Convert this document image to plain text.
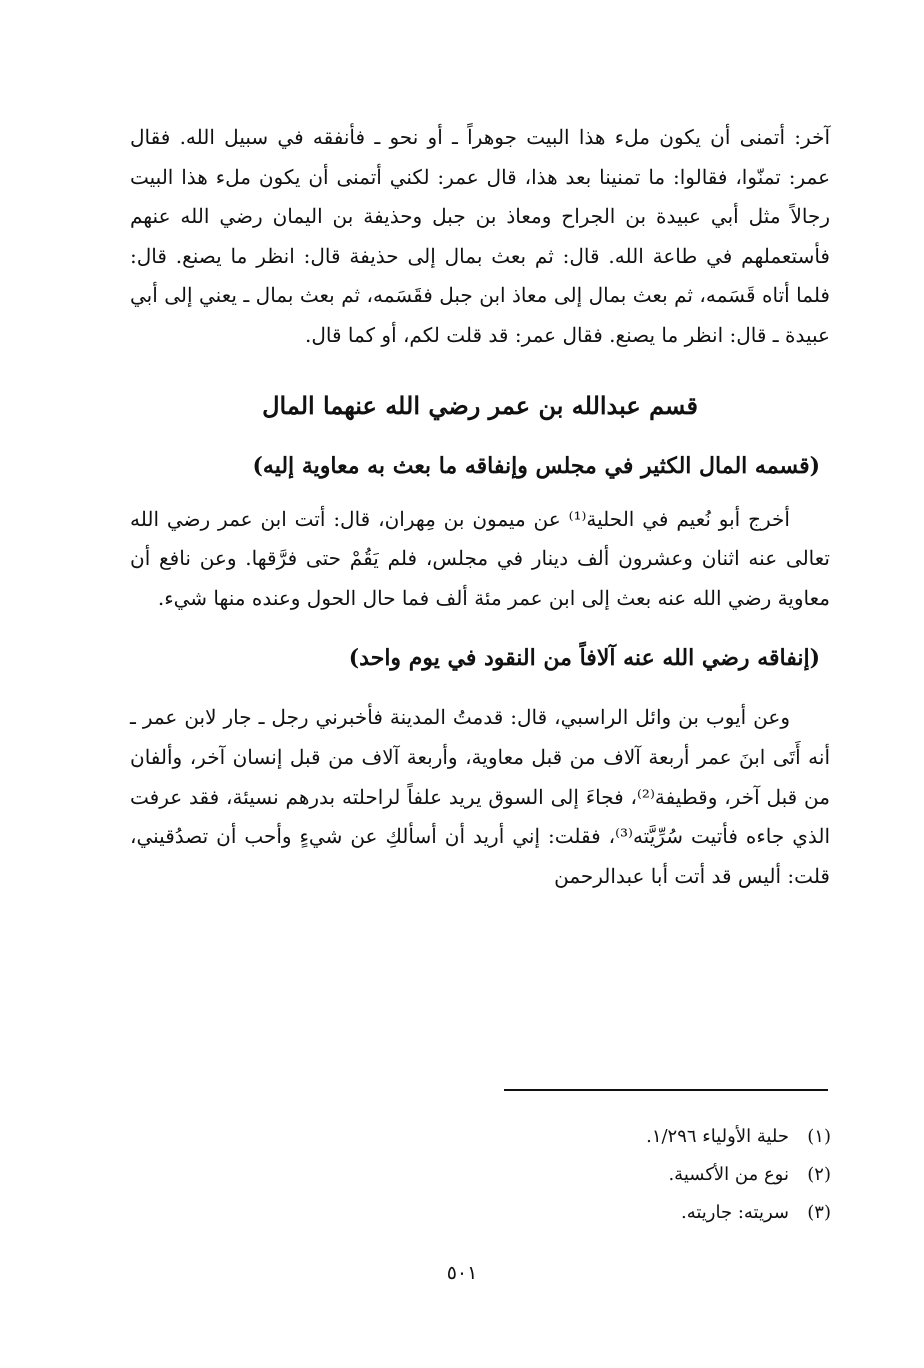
آخر: أتمنى أن يكون ملء هذا البيت جوهراً ـ أو نحو ـ فأنفقه في سبيل الله. فقال عمر: تمنّوا، فقالوا: ما تمنينا بعد هذا، قال عمر: لكني أتمنى أن يكون ملء هذا البيت رجالاً مثل أبي عبيدة بن الجراح ومعاذ بن جبل وحذيفة بن اليمان رضي الله عنهم فأستعملهم في طاعة الله. قال: ثم بعث بمال إلى حذيفة قال: انظر ما يصنع. قال: فلما أتاه قَسَمه، ثم بعث بمال إلى معاذ ابن جبل فقَسَمه، ثم بعث بمال ـ يعني إلى أبي عبيدة ـ قال: انظر ما يصنع. فقال عمر: قد قلت لكم، أو كما قال.

قسم عبدالله بن عمر رضي الله عنهما المال
(قسمه المال الكثير في مجلس وإنفاقه ما بعث به معاوية إليه)

أخرج أبو نُعيم في الحلية⁽¹⁾ عن ميمون بن مِهران، قال: أتت ابن عمر رضي الله تعالى عنه اثنان وعشرون ألف دينار في مجلس، فلم يَقُمْ حتى فرَّقها. وعن نافع أن معاوية رضي الله عنه بعث إلى ابن عمر مئة ألف فما حال الحول وعنده منها شيء.

(إنفاقه رضي الله عنه آلافاً من النقود في يوم واحد)

وعن أيوب بن وائل الراسبي، قال: قدمتُ المدينة فأخبرني رجل ـ جار لابن عمر ـ أنه أَتَى ابنَ عمر أربعة آلاف من قبل معاوية، وأربعة آلاف من قبل إنسان آخر، وألفان من قبل آخر، وقطيفة⁽²⁾، فجاءَ إلى السوق يريد علفاً لراحلته بدرهم نسيئة، فقد عرفت الذي جاءه فأتيت سُرِّيَّته⁽³⁾، فقلت: إني أريد أن أسألكِ عن شيءٍ وأحب أن تصدُقيني، قلت: أليس قد أتت أبا عبدالرحمن

(١)حلية الأولياء ١/٢٩٦.
(٢)نوع من الأكسية.
(٣)سريته: جاريته.
٥٠١
